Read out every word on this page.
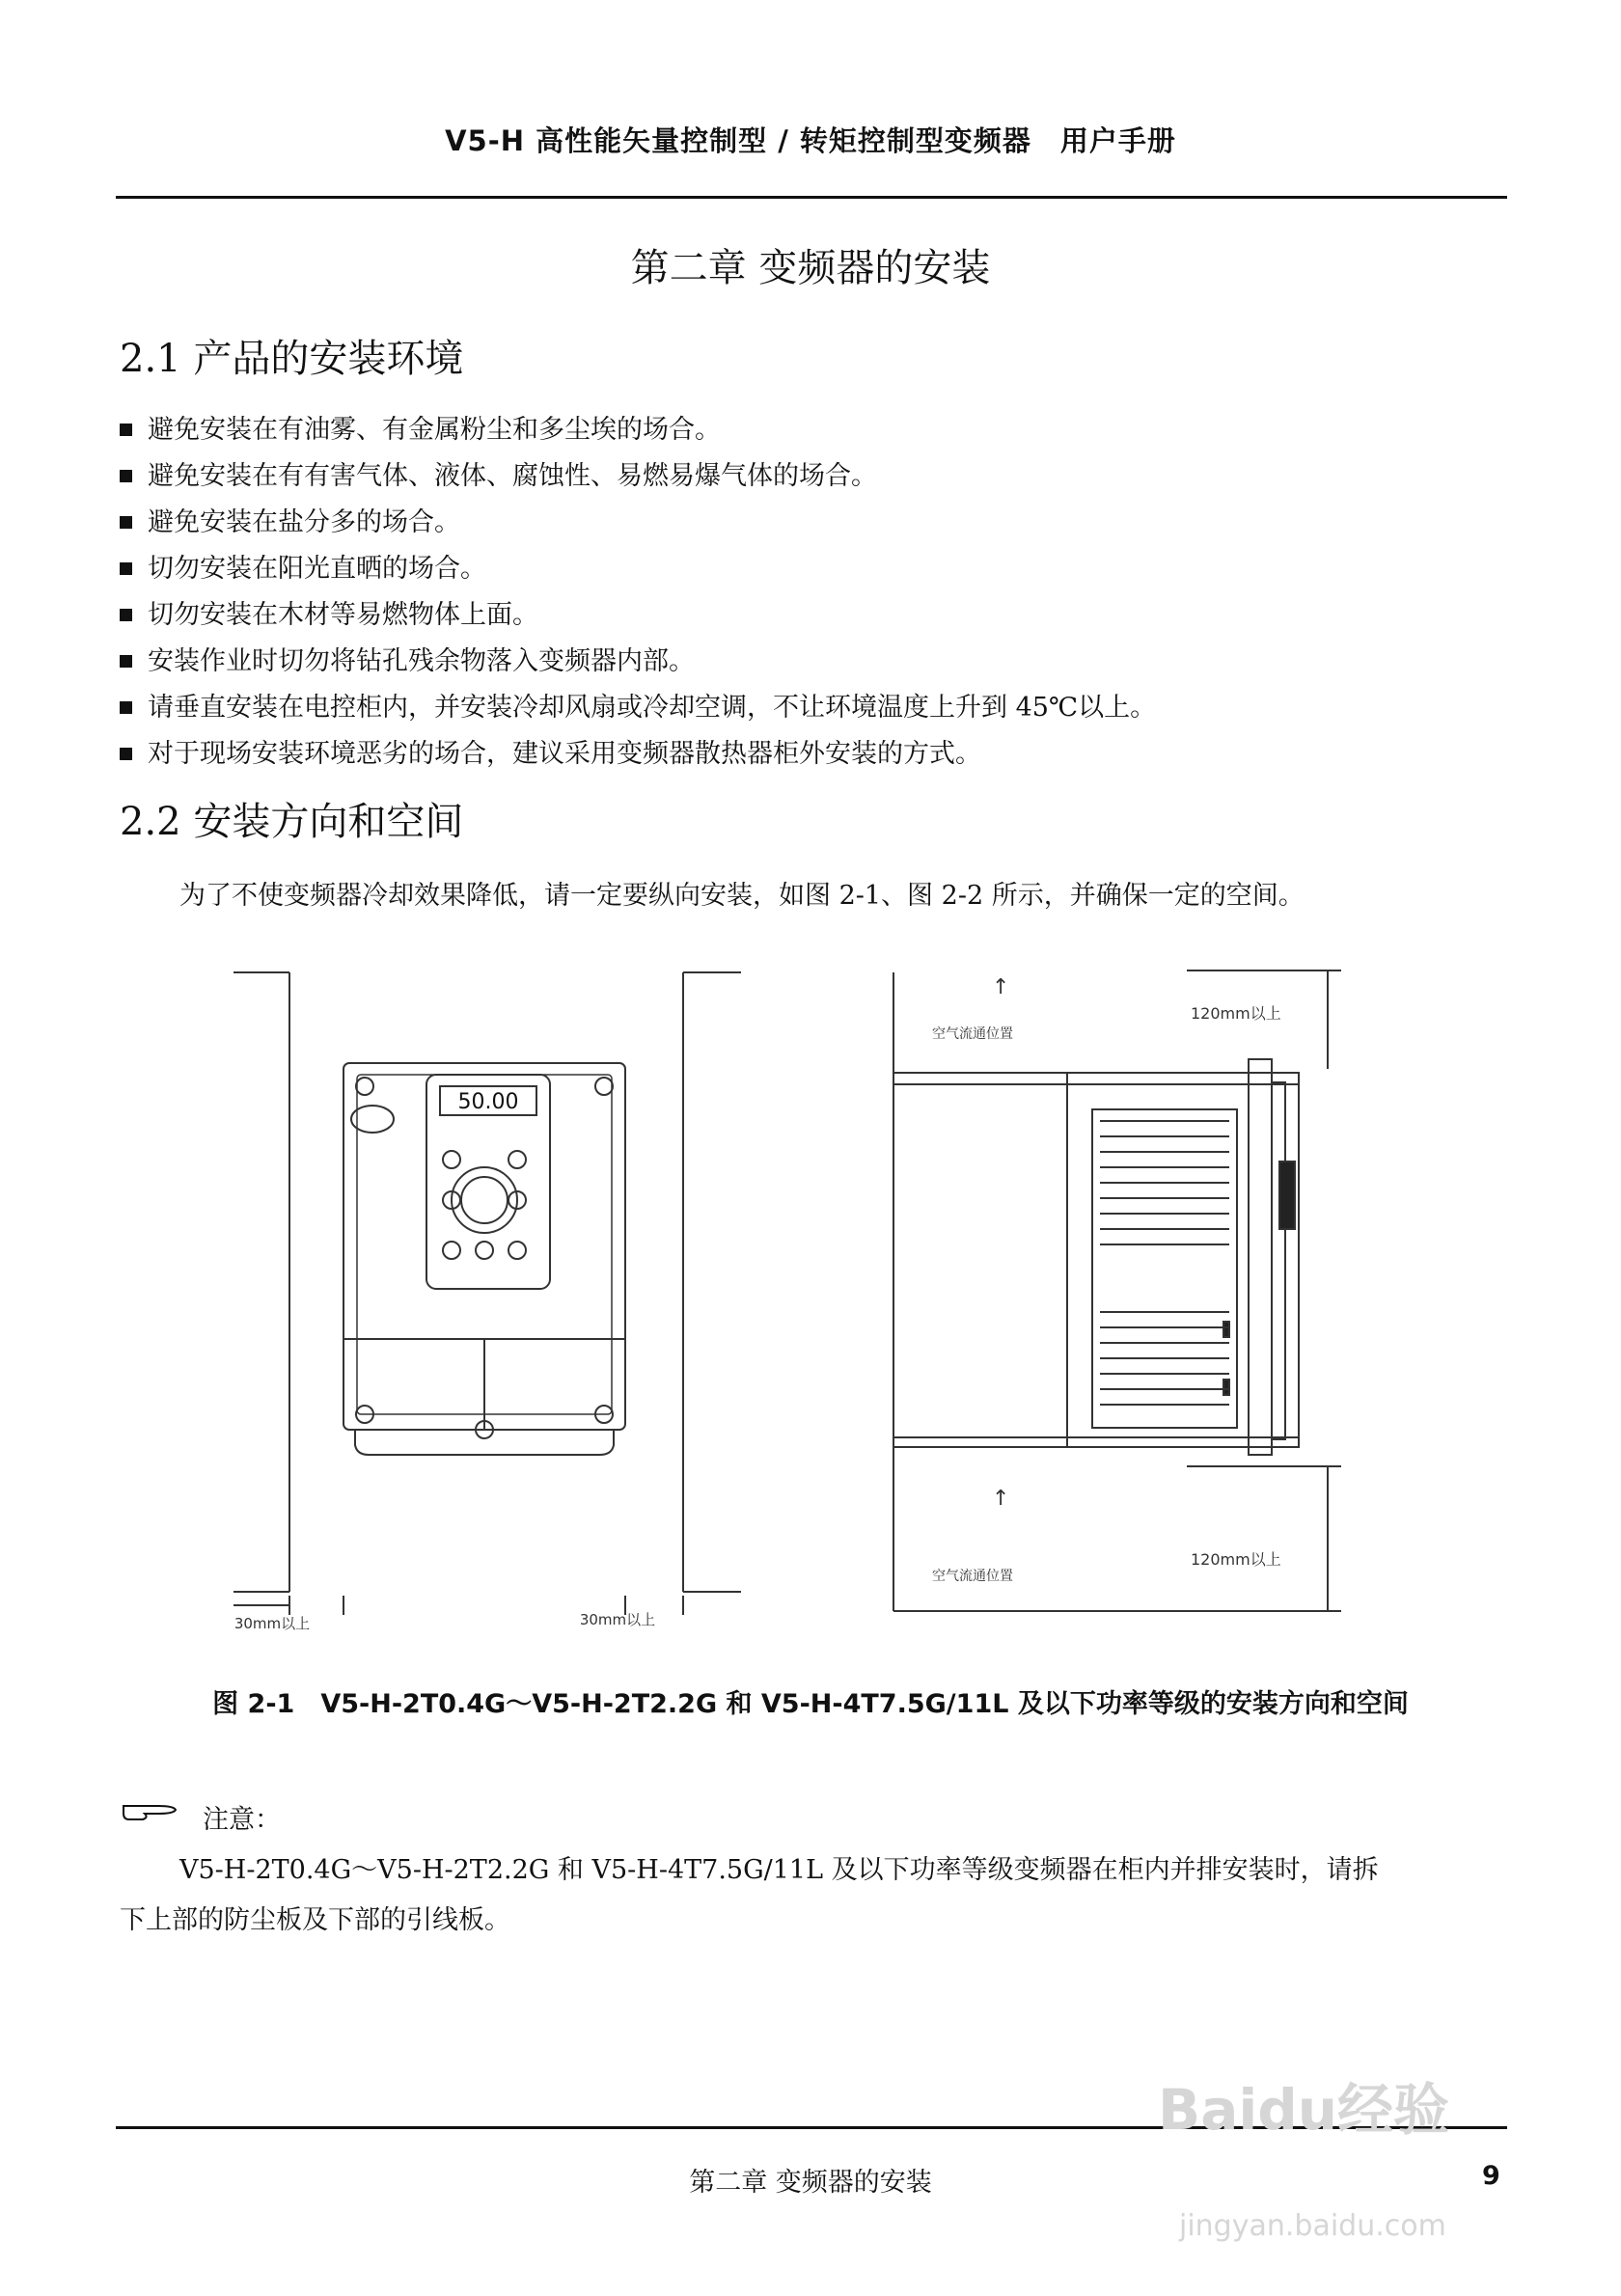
V5-H 高性能矢量控制型 / 转矩控制型变频器　用户手册
第二章 变频器的安装
2.1 产品的安装环境
避免安装在有油雾、有金属粉尘和多尘埃的场合。
避免安装在有有害气体、液体、腐蚀性、易燃易爆气体的场合。
避免安装在盐分多的场合。
切勿安装在阳光直晒的场合。
切勿安装在木材等易燃物体上面。
安装作业时切勿将钻孔残余物落入变频器内部。
请垂直安装在电控柜内，并安装冷却风扇或冷却空调，不让环境温度上升到 45℃以上。
对于现场安装环境恶劣的场合，建议采用变频器散热器柜外安装的方式。
2.2 安装方向和空间
为了不使变频器冷却效果降低，请一定要纵向安装，如图 2-1、图 2-2 所示，并确保一定的空间。
50.00
30mm以上	30mm以上
空气流通位置
120mm以上
空气流通位置
120mm以上
↑
↑
图 2-1　V5-H-2T0.4G～V5-H-2T2.2G 和 V5-H-4T7.5G/11L 及以下功率等级的安装方向和空间
注意：
V5-H-2T0.4G～V5-H-2T2.2G 和 V5-H-4T7.5G/11L 及以下功率等级变频器在柜内并排安装时，请拆
下上部的防尘板及下部的引线板。
第二章 变频器的安装	9
Baidu经验
jingyan.baidu.com
